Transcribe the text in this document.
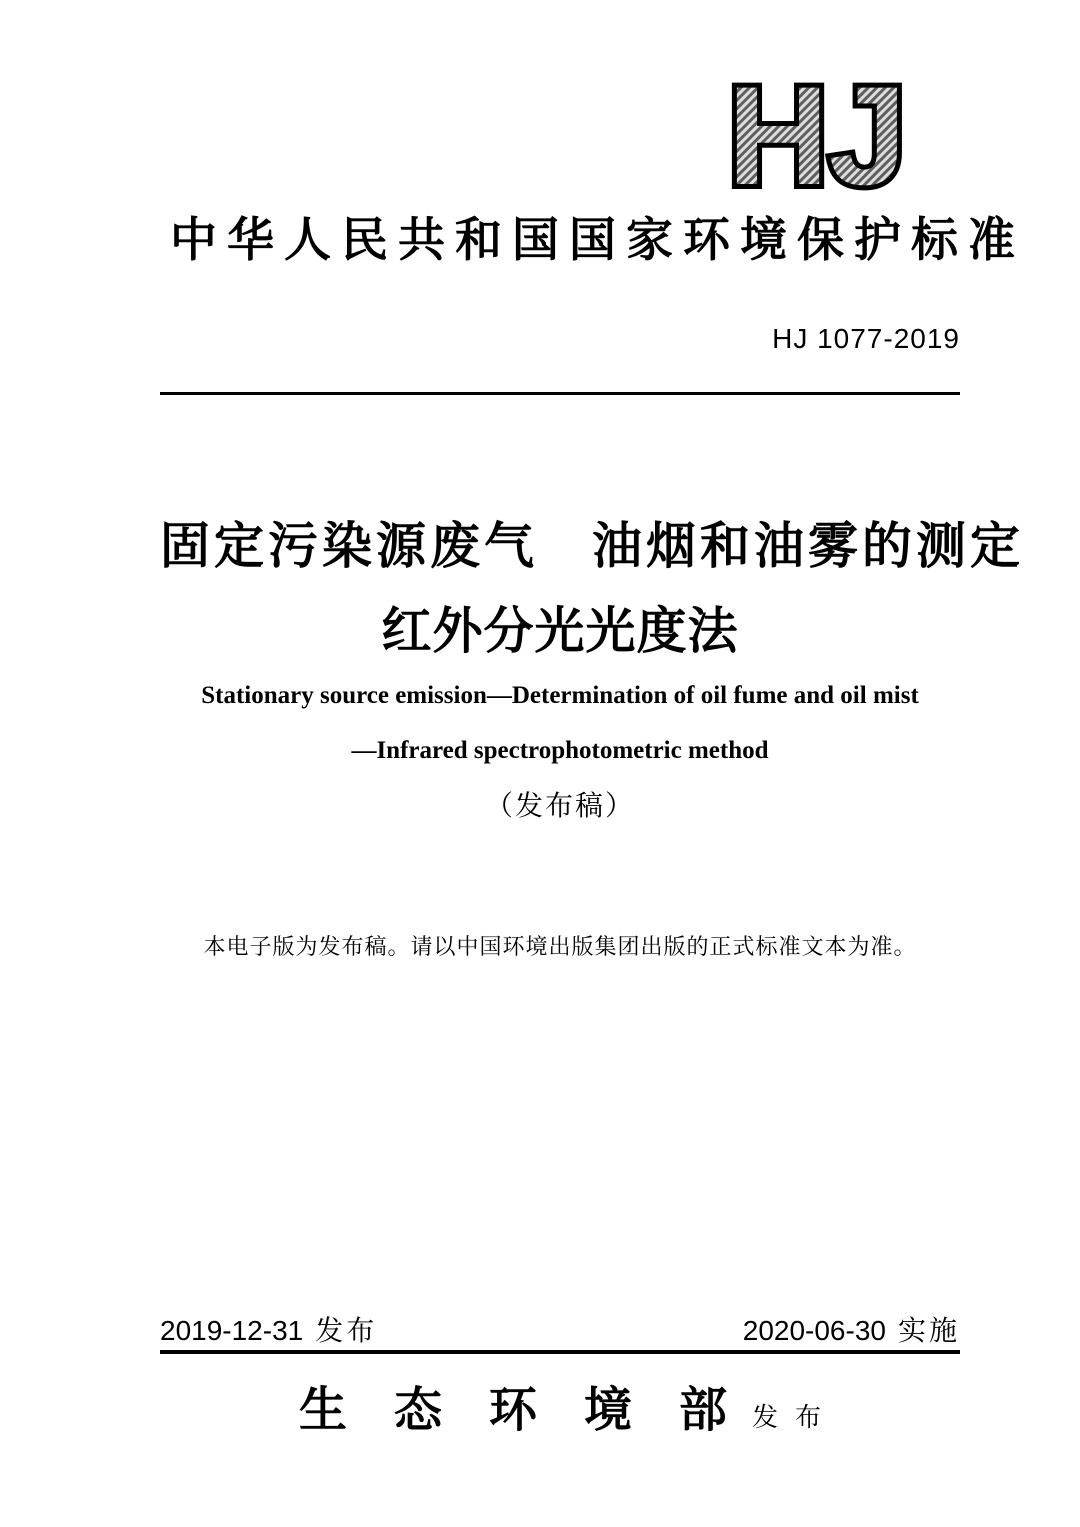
HJ
中华人民共和国国家环境保护标准
HJ 1077-2019
固定污染源废气　油烟和油雾的测定
红外分光光度法
Stationary source emission—Determination of oil fume and oil mist
—Infrared spectrophotometric method
（发布稿）
本电子版为发布稿。请以中国环境出版集团出版的正式标准文本为准。
2019-12-31 发布	2020-06-30 实施
生态环境部发布
